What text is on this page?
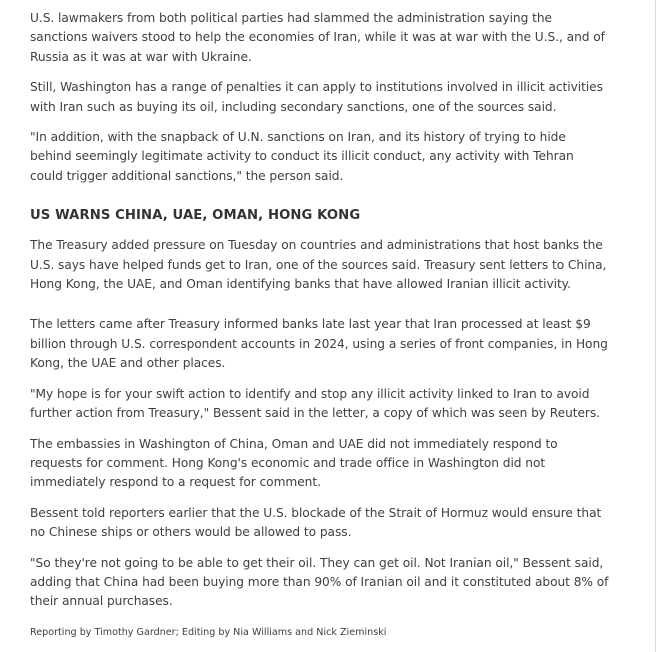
U.S. lawmakers from both political parties had slammed the administration saying the sanctions waivers stood to help the economies of Iran, while it was at war with the U.S., and of Russia as it was at war with Ukraine.

Still, Washington has a range of penalties it can apply to institutions involved in illicit activities with Iran such as buying its oil, including secondary sanctions, one of the sources said.

"In addition, with the snapback of U.N. sanctions on Iran, and its history of trying to hide behind seemingly legitimate activity to conduct its illicit conduct, any activity with Tehran could trigger additional sanctions," the person said.

US WARNS CHINA, UAE, OMAN, HONG KONG

The Treasury added pressure on Tuesday on countries and administrations that host banks the U.S. says have helped funds get to Iran, one of the sources said. Treasury sent letters to China, Hong Kong, the UAE, and Oman identifying banks that have allowed Iranian illicit activity.

The letters came after Treasury informed banks late last year that Iran processed at least $9 billion through U.S. correspondent accounts in 2024, using a series of front companies, in Hong Kong, the UAE and other places.

"My hope is for your swift action to identify and stop any illicit activity linked to Iran to avoid further action from Treasury," Bessent said in the letter, a copy of which was seen by Reuters.

The embassies in Washington of China, Oman and UAE did not immediately respond to requests for comment. Hong Kong's economic and trade office in Washington did not immediately respond to a request for comment.

Bessent told reporters earlier that the U.S. blockade of the Strait of Hormuz would ensure that no Chinese ships or others would be allowed to pass.

"So they're not going to be able to get their oil. They can get oil. Not Iranian oil," Bessent said, adding that China had been buying more than 90% of Iranian oil and it constituted about 8% of their annual purchases.

Reporting by Timothy Gardner; Editing by Nia Williams and Nick Zieminski
